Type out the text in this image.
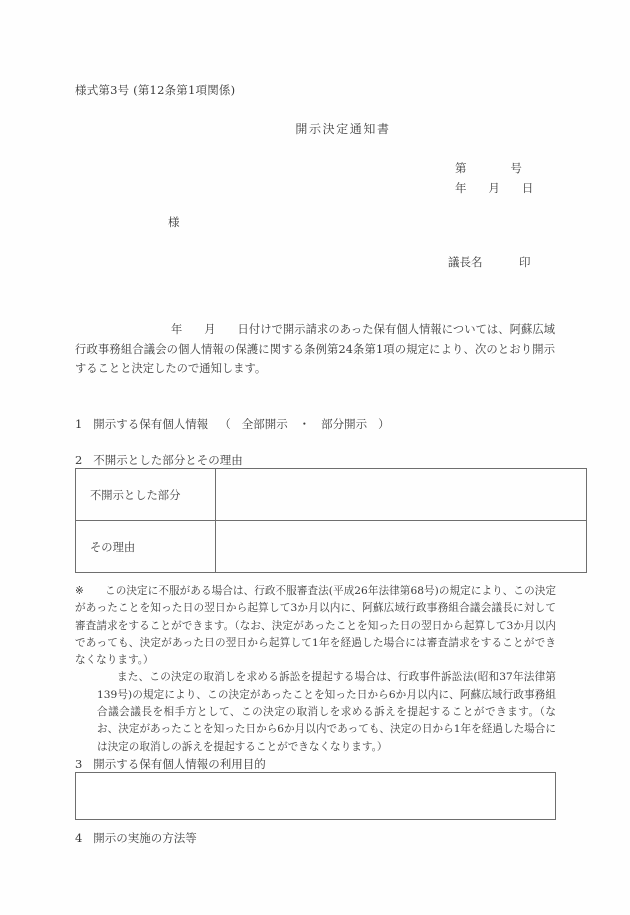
様式第3号 (第12条第1項関係)
開示決定通知書
第            号
年      月      日
様
議長名          印
年      月      日付けで開示請求のあった保有個人情報については、阿蘇広域行政事務組合議会の個人情報の保護に関する条例第24条第1項の規定により、次のとおり開示することと決定したので通知します。
1   開示する保有個人情報   （   全部開示   ・   部分開示   ）
2   不開示とした部分とその理由
不開示とした部分	
その理由	

※ この決定に不服がある場合は、行政不服審査法(平成26年法律第68号)の規定により、この決定があったことを知った日の翌日から起算して3か月以内に、阿蘇広域行政事務組合議会議長に対して審査請求をすることができます。（なお、決定があったことを知った日の翌日から起算して3か月以内であっても、決定があった日の翌日から起算して1年を経過した場合には審査請求をすることができなくなります。）

また、この決定の取消しを求める訴訟を提起する場合は、行政事件訴訟法(昭和37年法律第139号)の規定により、この決定があったことを知った日から6か月以内に、阿蘇広域行政事務組合議会議長を相手方として、この決定の取消しを求める訴えを提起することができます。（なお、決定があったことを知った日から6か月以内であっても、決定の日から1年を経過した場合には決定の取消しの訴えを提起することができなくなります。）

3   開示する保有個人情報の利用目的
4   開示の実施の方法等
